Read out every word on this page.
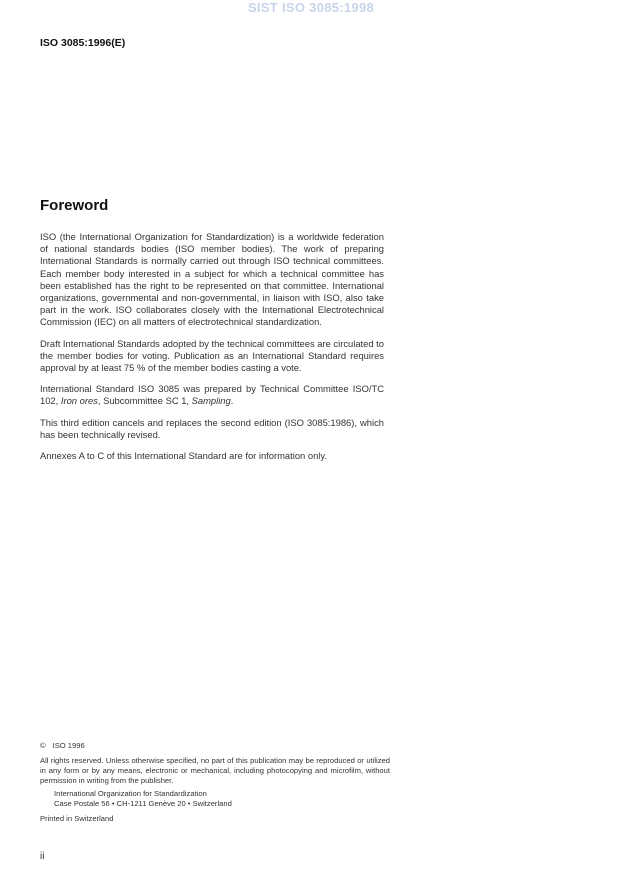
SIST ISO 3085:1998
ISO 3085:1996(E)
Foreword

ISO (the International Organization for Standardization) is a worldwide federation of national standards bodies (ISO member bodies). The work of preparing International Standards is normally carried out through ISO technical committees. Each member body interested in a subject for which a technical committee has been established has the right to be represented on that committee. International organizations, governmental and non-governmental, in liaison with ISO, also take part in the work. ISO collaborates closely with the International Electrotechnical Commission (IEC) on all matters of electrotechnical standardization.

Draft International Standards adopted by the technical committees are circulated to the member bodies for voting. Publication as an International Standard requires approval by at least 75 % of the member bodies casting a vote.

International Standard ISO 3085 was prepared by Technical Committee ISO/TC 102, Iron ores, Subcommittee SC 1, Sampling.

This third edition cancels and replaces the second edition (ISO 3085:1986), which has been technically revised.

Annexes A to C of this International Standard are for information only.

© ISO 1996

All rights reserved. Unless otherwise specified, no part of this publication may be reproduced or utilized in any form or by any means, electronic or mechanical, including photocopying and microfilm, without permission in writing from the publisher.

International Organization for Standardization

Case Postale 56 • CH-1211 Genève 20 • Switzerland

Printed in Switzerland

ii
